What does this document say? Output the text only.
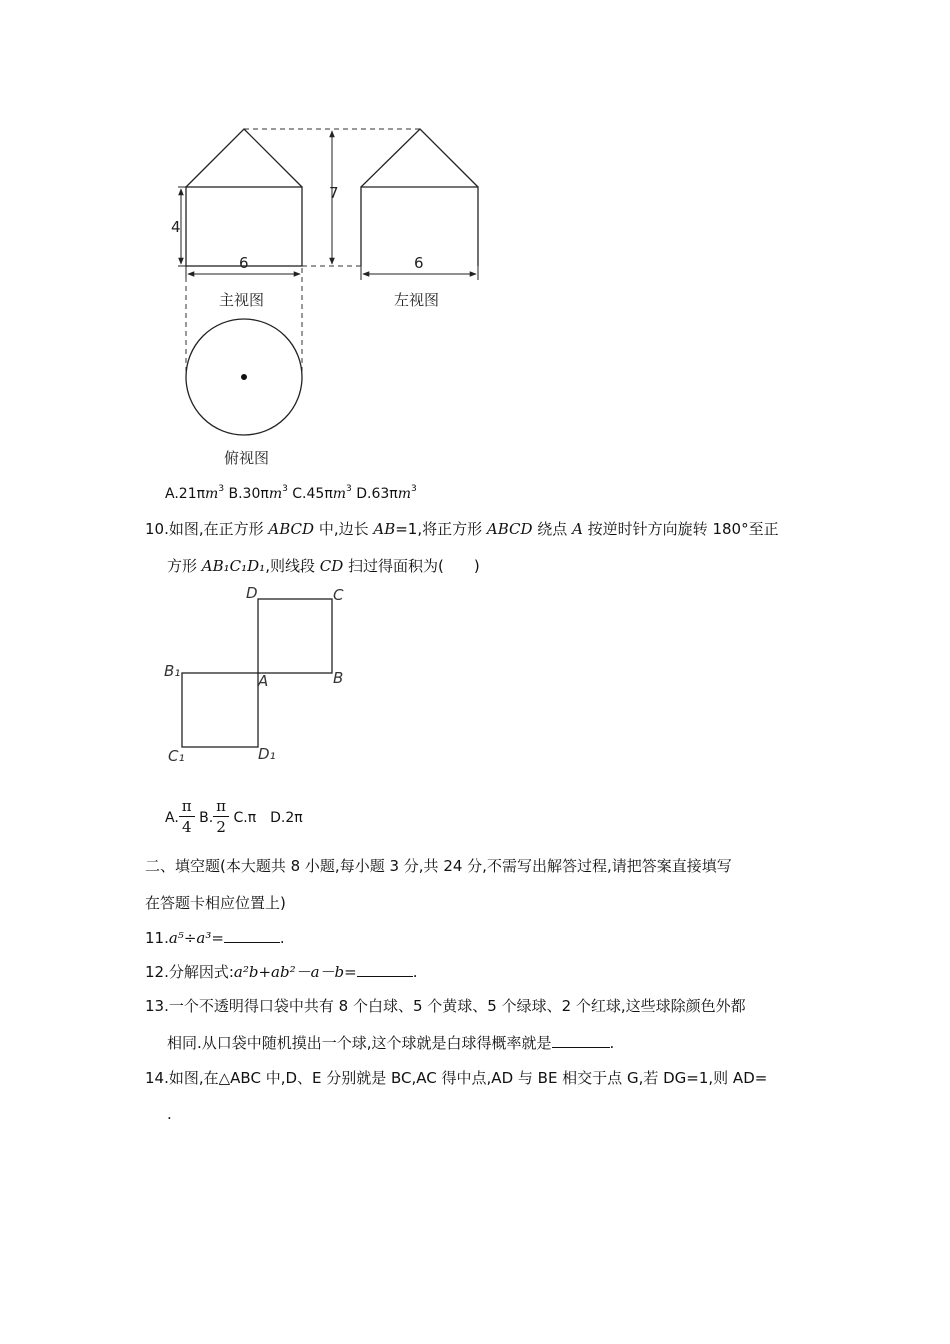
7
4
6
主视图
6
左视图
俯视图
$A.21\pi m^3$ $B.30\pi m^3$ $C.45\pi m^3$ $D.63\pi m^3$
10.如图,在正方形 ABCD 中,边长 AB=1,将正方形 ABCD 绕点 A 按逆时针方向旋转 180°至正
方形 AB₁C₁D₁,则线段 CD 扫过得面积为(　　)
D	C
B₁
A	B
C₁	D₁
A. $\frac{\pi}{4} B$. $\frac{\pi}{2} C.\pi$　D.2π
二、填空题(本大题共 8 小题,每小题 3 分,共 24 分,不需写出解答过程,请把答案直接填写
在答题卡相应位置上)
11.a⁵÷a³=	.
12.分解因式:a²b+ab²－a－b=	.
13.一个不透明得口袋中共有 8 个白球、5 个黄球、5 个绿球、2 个红球,这些球除颜色外都
相同.从口袋中随机摸出一个球,这个球就是白球得概率就是	.
14.如图,在△ABC 中,D、E 分别就是 BC,AC 得中点,AD 与 BE 相交于点 G,若 DG=1,则 AD=
.
